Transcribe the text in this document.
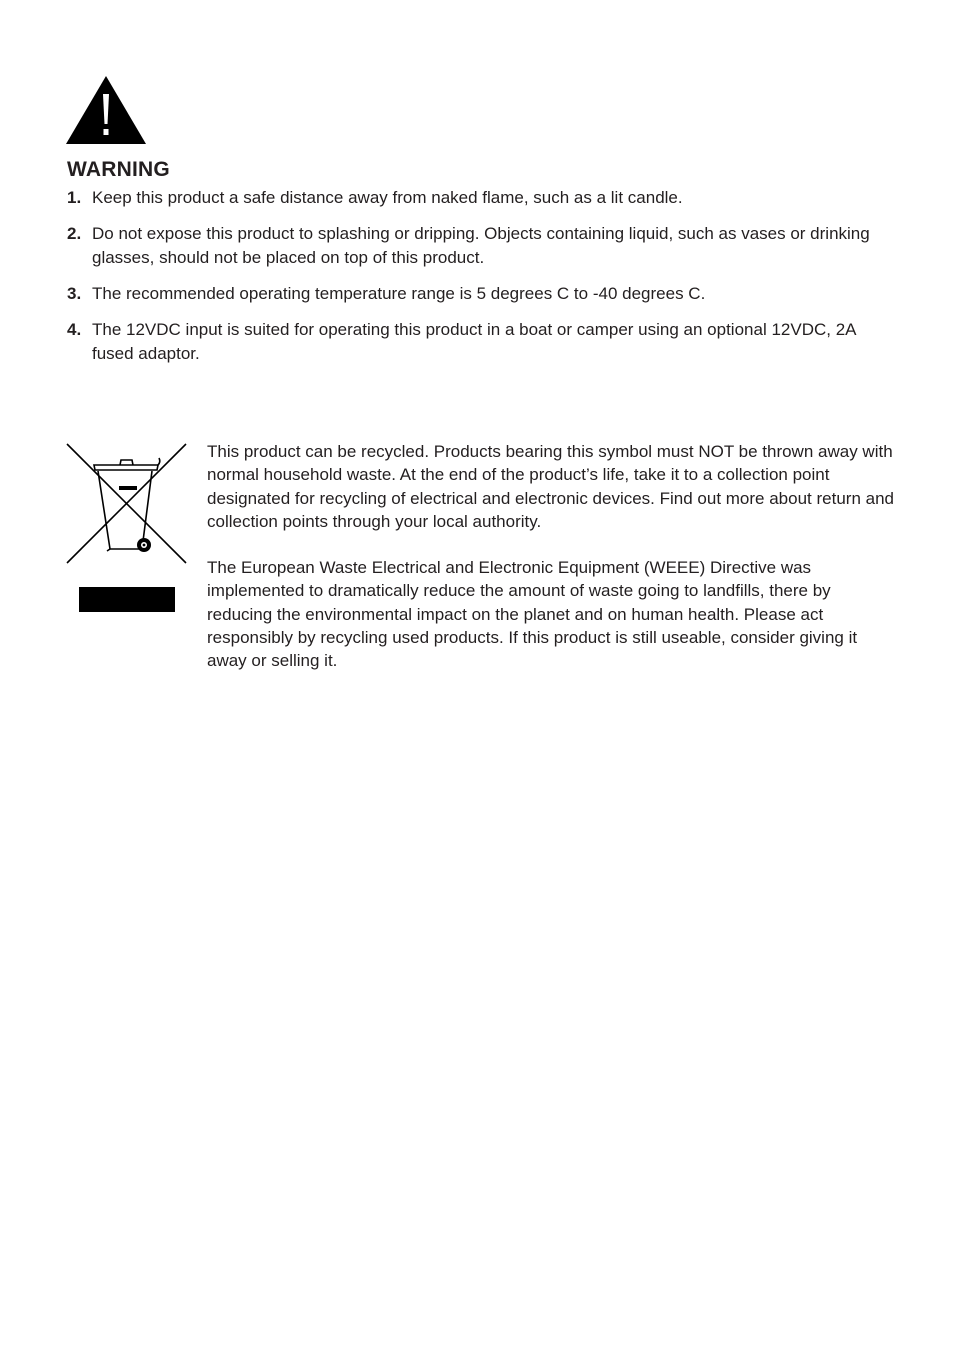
WARNING
1. Keep this product a safe distance away from naked flame, such as a lit candle.
2. Do not expose this product to splashing or dripping. Objects containing liquid, such as vases or drinking glasses, should not be placed on top of this product.
3. The recommended operating temperature range is 5 degrees C to -40 degrees C.
4. The 12VDC input is suited for operating this product in a boat or camper using an optional 12VDC, 2A fused adaptor.

This product can be recycled. Products bearing this symbol must NOT be thrown away with normal household waste. At the end of the product’s life, take it to a collection point designated for recycling of electrical and electronic devices. Find out more about return and collection points through your local authority.

The European Waste Electrical and Electronic Equipment (WEEE) Directive was implemented to dramatically reduce the amount of waste going to landfills, there by reducing the environmental impact on the planet and on human health. Please act responsibly by recycling used products. If this product is still useable, consider giving it away or selling it.
